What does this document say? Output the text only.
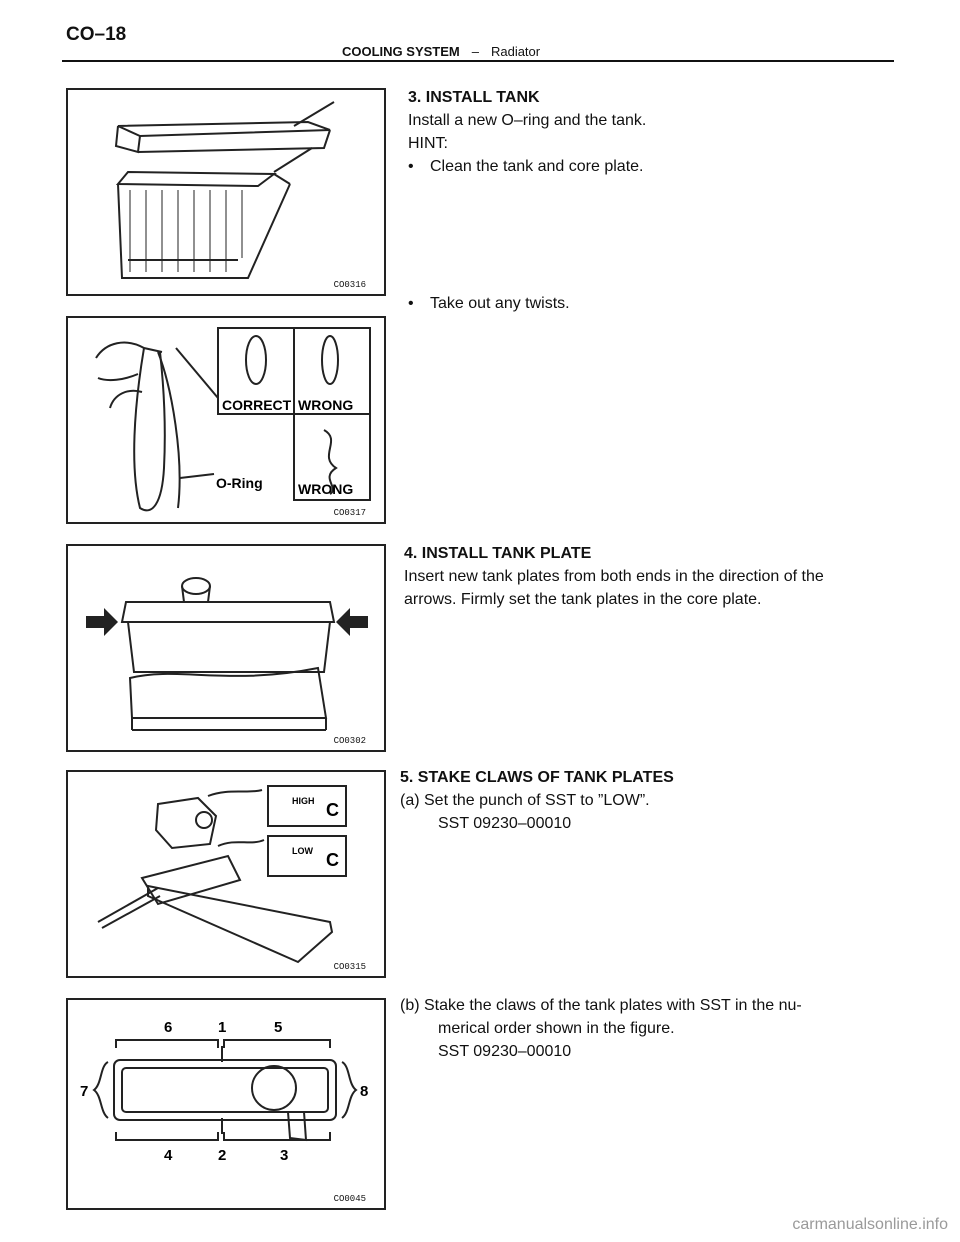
CO–18
COOLING SYSTEM – Radiator
CO0316
CORRECT WRONG
WRONG
O-Ring
CO0317
CO0302
HIGH
LOW
C
C
CO0315
6	1	5
7	8
4	2	3
CO0045
3. INSTALL TANK
Install a new O–ring and the tank.
HINT:
•	Clean the tank and core plate.
•	Take out any twists.
4. INSTALL TANK PLATE
Insert new tank plates from both ends in the direction of the
arrows. Firmly set the tank plates in the core plate.
5. STAKE CLAWS OF TANK PLATES
(a) Set the punch of SST to ”LOW”.
SST 09230–00010
(b) Stake the claws of the tank plates with SST in the nu-
merical order shown in the figure.
SST 09230–00010
carmanualsonline.info
